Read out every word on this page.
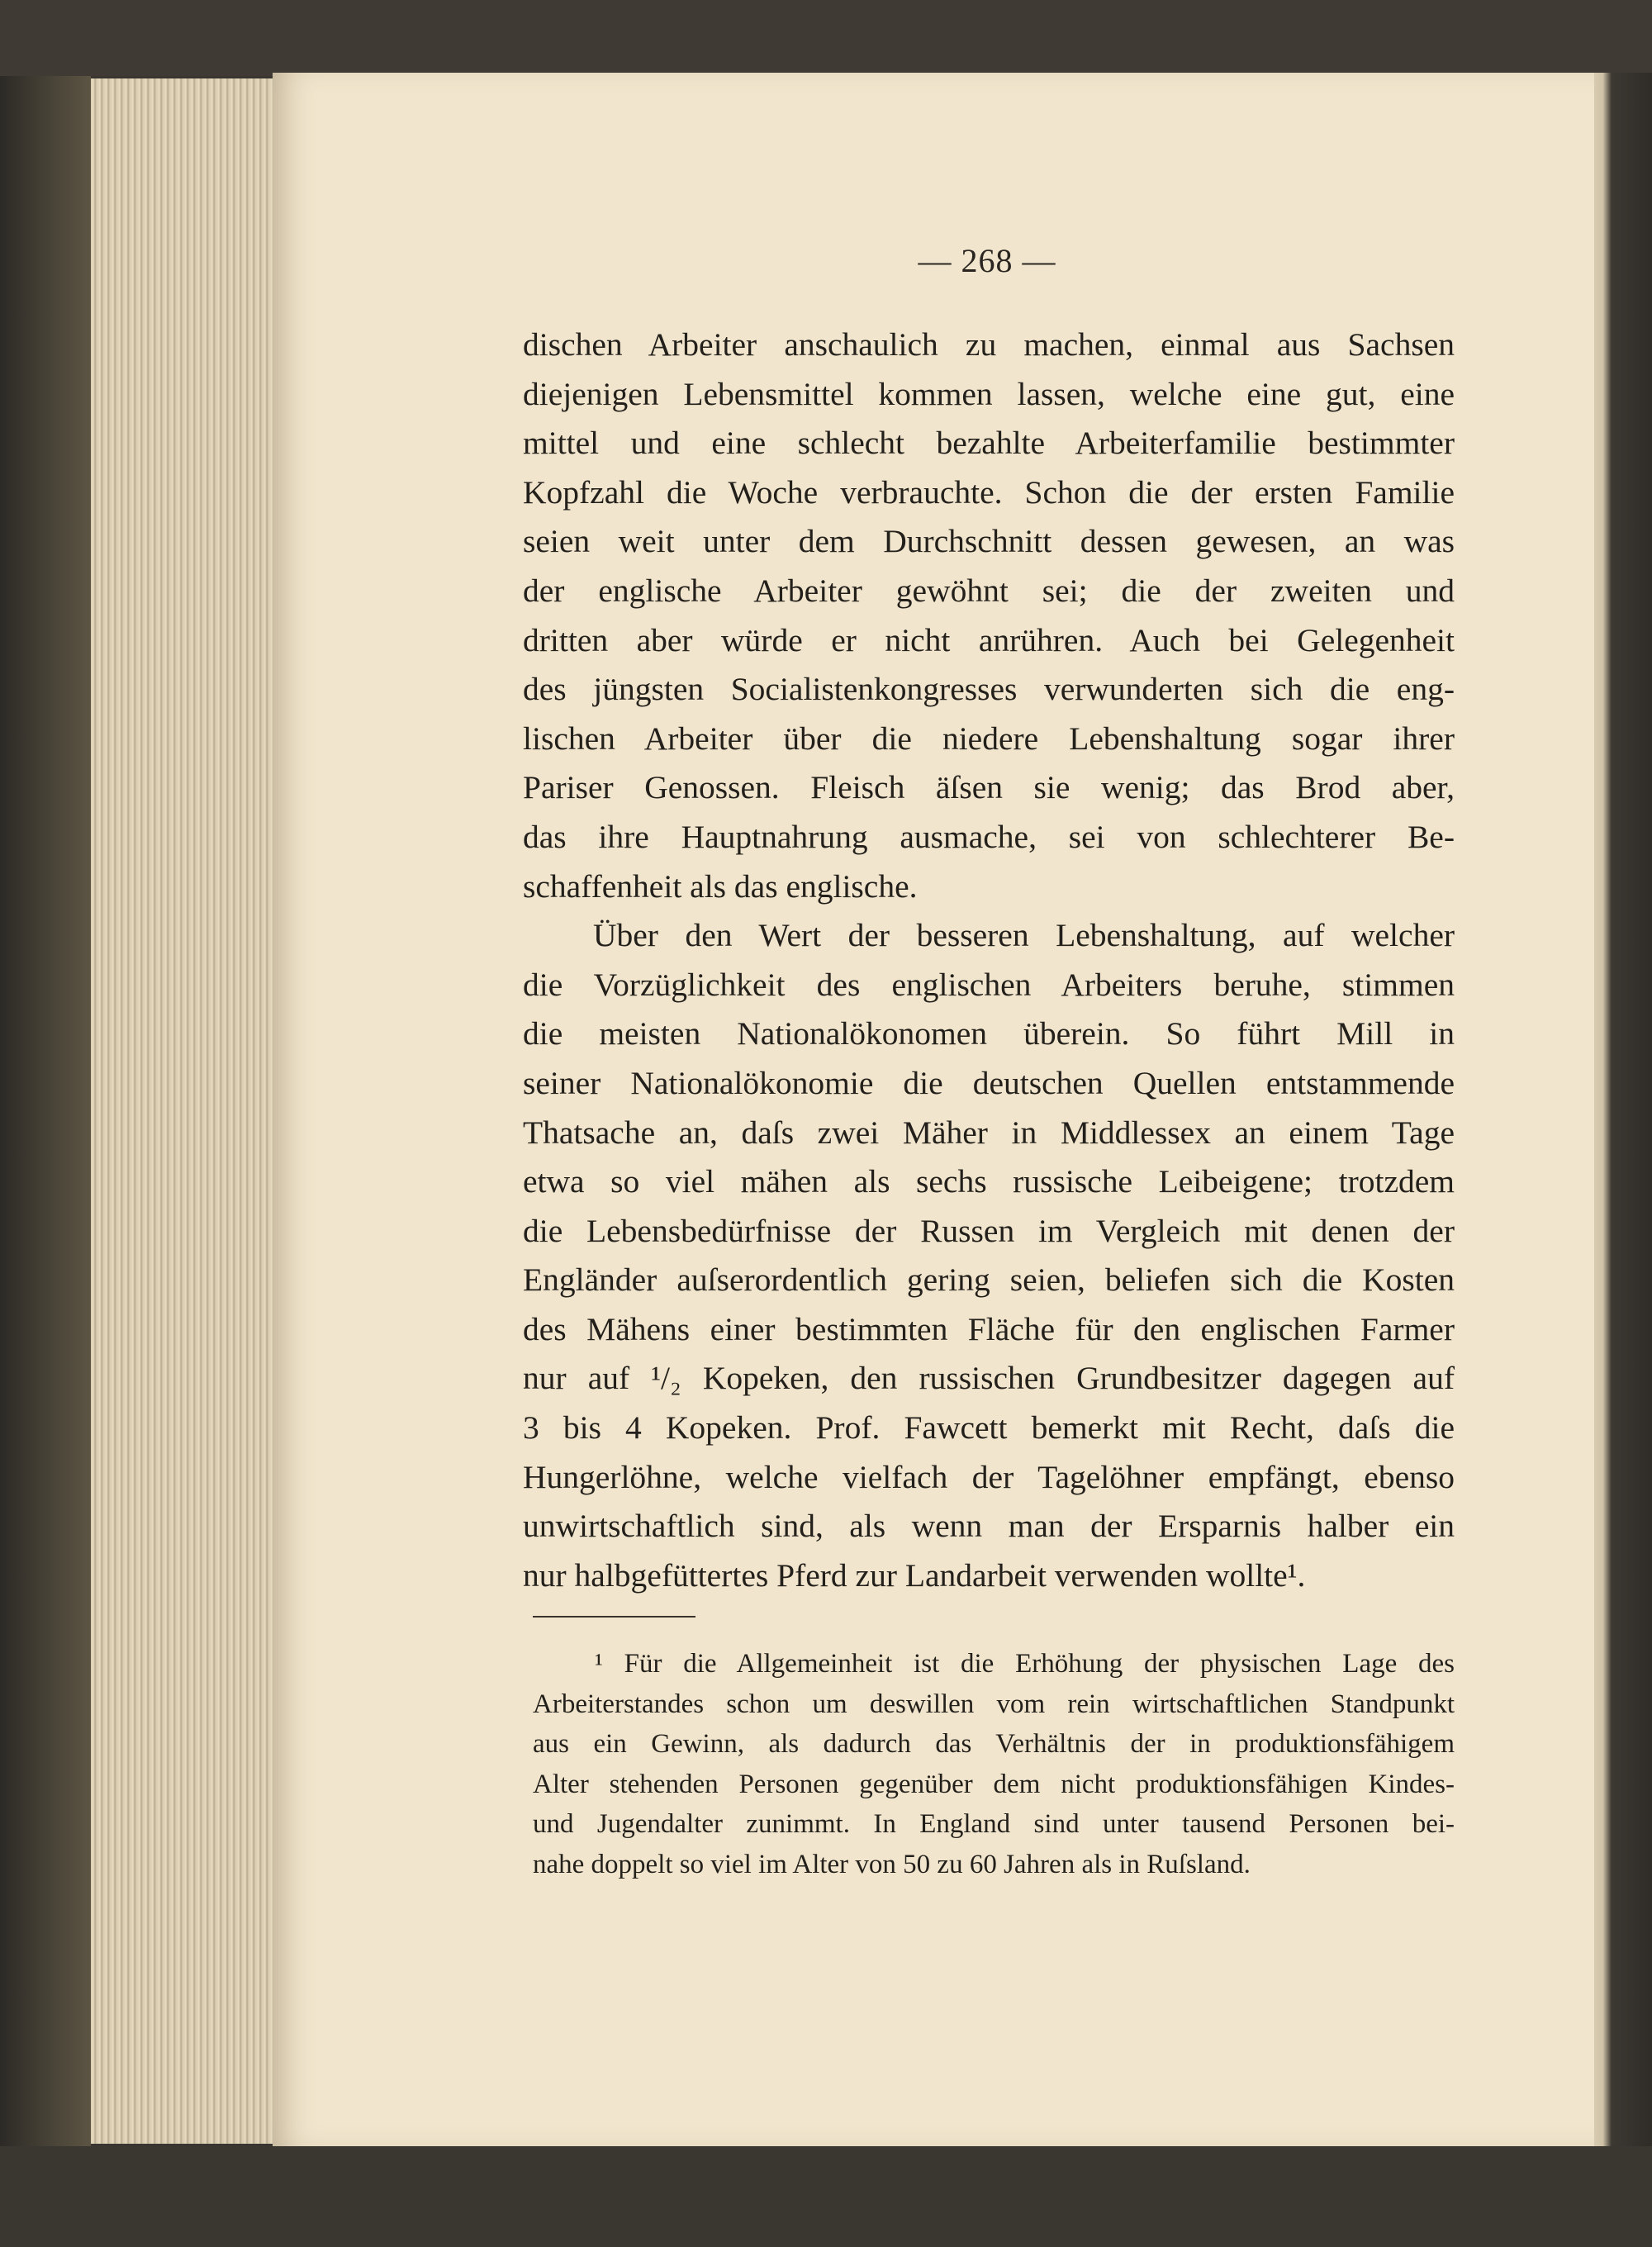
— 268 —
dischen Arbeiter anschaulich zu machen, einmal aus Sachsen
diejenigen Lebensmittel kommen lassen, welche eine gut, eine
mittel und eine schlecht bezahlte Arbeiterfamilie bestimmter
Kopfzahl die Woche verbrauchte. Schon die der ersten Familie
seien weit unter dem Durchschnitt dessen gewesen, an was
der englische Arbeiter gewöhnt sei; die der zweiten und
dritten aber würde er nicht anrühren. Auch bei Gelegenheit
des jüngsten Socialistenkongresses verwunderten sich die eng-
lischen Arbeiter über die niedere Lebenshaltung sogar ihrer
Pariser Genossen. Fleisch äſsen sie wenig; das Brod aber,
das ihre Hauptnahrung ausmache, sei von schlechterer Be-
schaffenheit als das englische.
Über den Wert der besseren Lebenshaltung, auf welcher
die Vorzüglichkeit des englischen Arbeiters beruhe, stimmen
die meisten Nationalökonomen überein. So führt Mill in
seiner Nationalökonomie die deutschen Quellen entstammende
Thatsache an, daſs zwei Mäher in Middlessex an einem Tage
etwa so viel mähen als sechs russische Leibeigene; trotzdem
die Lebensbedürfnisse der Russen im Vergleich mit denen der
Engländer auſserordentlich gering seien, beliefen sich die Kosten
des Mähens einer bestimmten Fläche für den englischen Farmer
nur auf ¹/₂ Kopeken, den russischen Grundbesitzer dagegen auf
3 bis 4 Kopeken. Prof. Fawcett bemerkt mit Recht, daſs die
Hungerlöhne, welche vielfach der Tagelöhner empfängt, ebenso
unwirtschaftlich sind, als wenn man der Ersparnis halber ein
nur halbgefüttertes Pferd zur Landarbeit verwenden wollte¹.
¹ Für die Allgemeinheit ist die Erhöhung der physischen Lage des
Arbeiterstandes schon um deswillen vom rein wirtschaftlichen Standpunkt
aus ein Gewinn, als dadurch das Verhältnis der in produktionsfähigem
Alter stehenden Personen gegenüber dem nicht produktionsfähigen Kindes-
und Jugendalter zunimmt. In England sind unter tausend Personen bei-
nahe doppelt so viel im Alter von 50 zu 60 Jahren als in Ruſsland.
